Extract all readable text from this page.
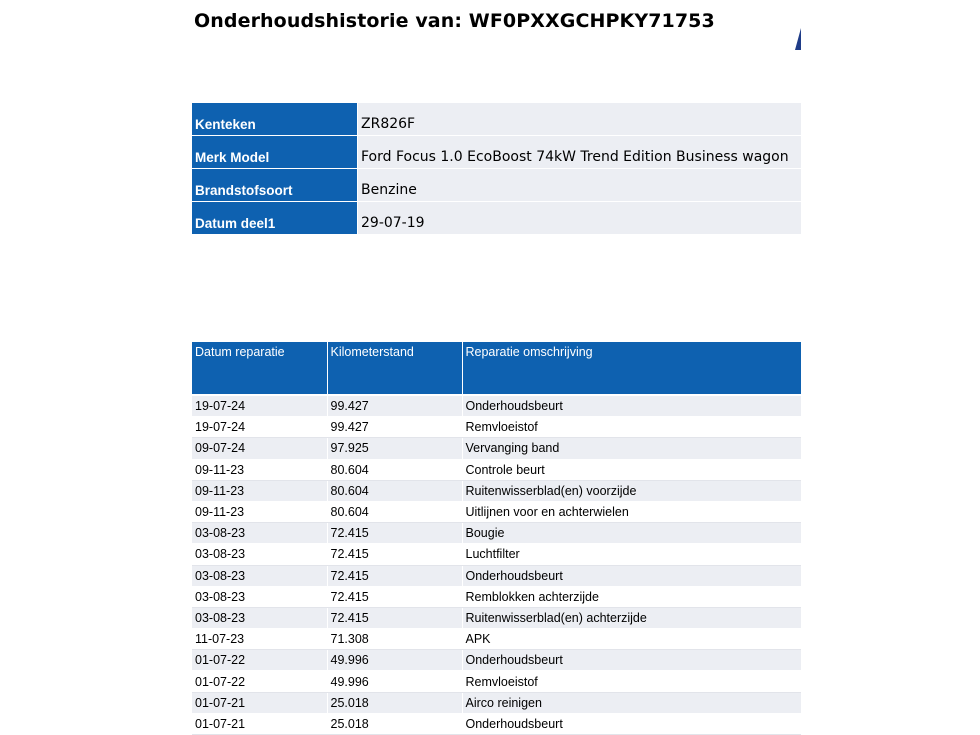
Onderhoudshistorie van: WF0PXXGCHPKY71753
Kenteken	ZR826F
Merk Model	Ford Focus 1.0 EcoBoost 74kW Trend Edition Business wagon
Brandstofsoort	Benzine
Datum deel1	29-07-19
Datum reparatie	Kilometerstand	Reparatie omschrijving

19-07-24	99.427	Onderhoudsbeurt
19-07-24	99.427	Remvloeistof
09-07-24	97.925	Vervanging band
09-11-23	80.604	Controle beurt
09-11-23	80.604	Ruitenwisserblad(en) voorzijde
09-11-23	80.604	Uitlijnen voor en achterwielen
03-08-23	72.415	Bougie
03-08-23	72.415	Luchtfilter
03-08-23	72.415	Onderhoudsbeurt
03-08-23	72.415	Remblokken achterzijde
03-08-23	72.415	Ruitenwisserblad(en) achterzijde
11-07-23	71.308	APK
01-07-22	49.996	Onderhoudsbeurt
01-07-22	49.996	Remvloeistof
01-07-21	25.018	Airco reinigen
01-07-21	25.018	Onderhoudsbeurt
